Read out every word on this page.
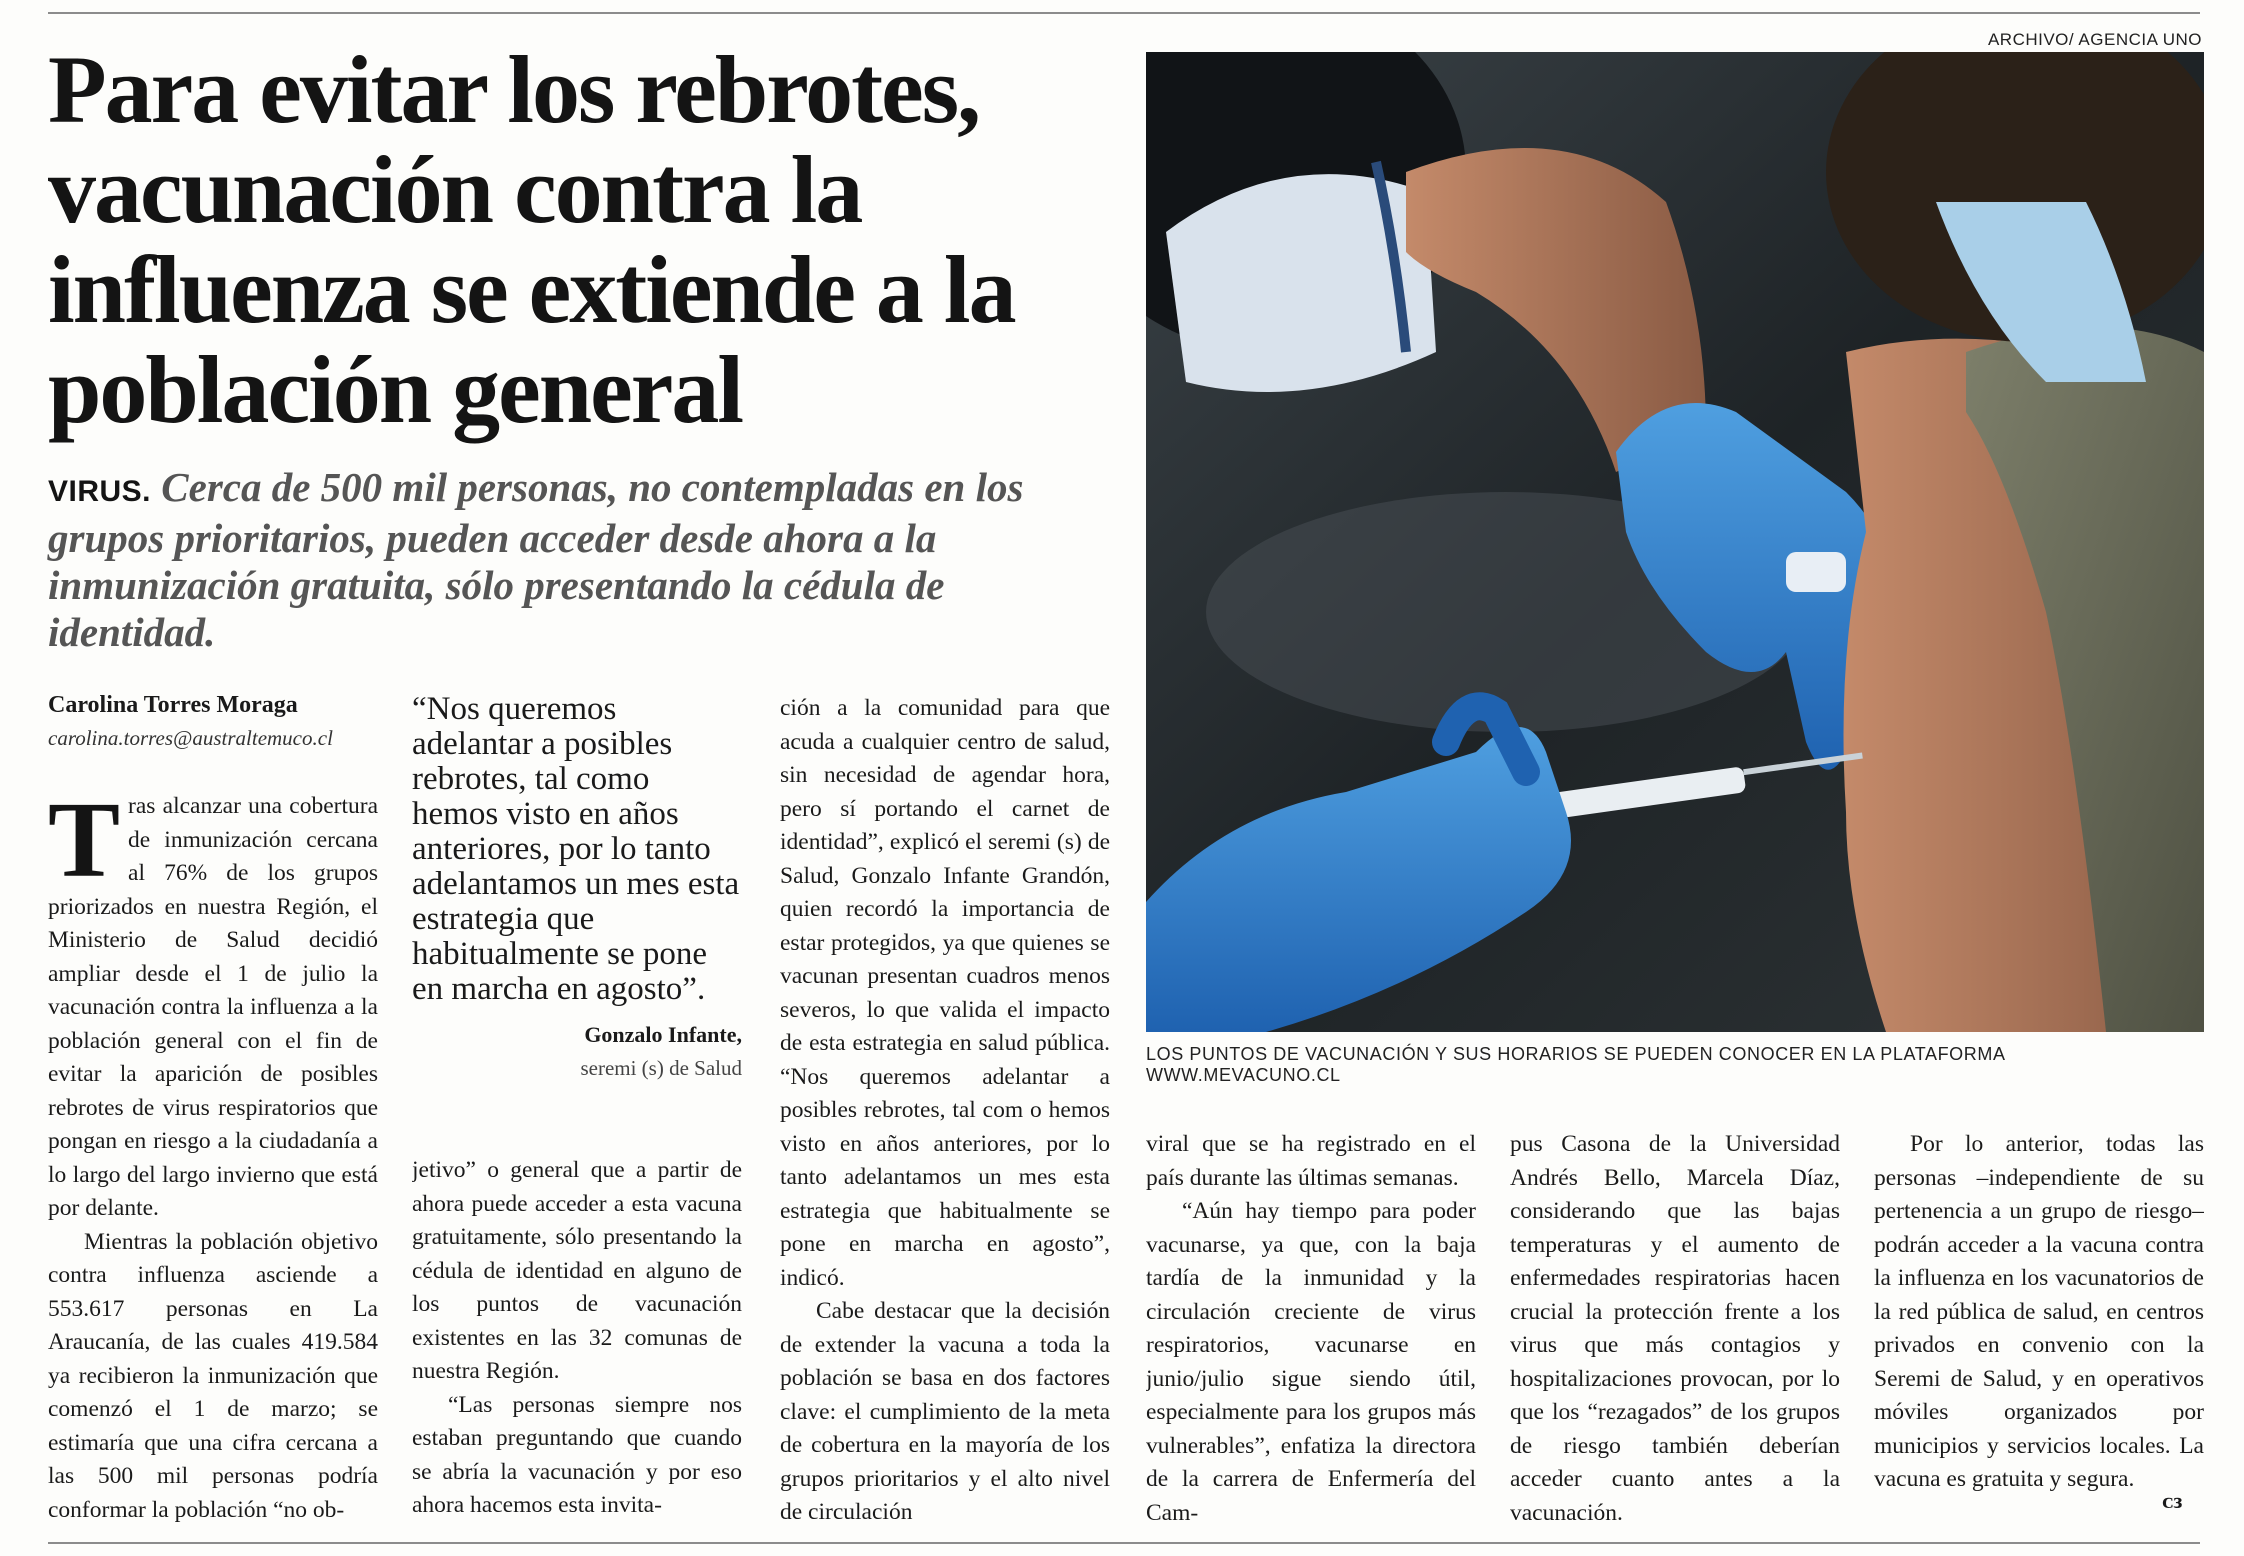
ARCHIVO/ AGENCIA UNO
Para evitar los rebrotes, vacunación contra la influenza se extiende a la población general

VIRUS. Cerca de 500 mil personas, no contempladas en los grupos prioritarios, pueden acceder desde ahora a la inmunización gratuita, sólo presentando la cédula de identidad.

Carolina Torres Moraga
carolina.torres@australtemuco.cl

Tras alcanzar una cobertura de inmunización cercana al 76% de los grupos priorizados en nuestra Región, el Ministerio de Salud decidió ampliar desde el 1 de julio la vacunación contra la influenza a la población general con el fin de evitar la aparición de posibles rebrotes de virus respiratorios que pongan en riesgo a la ciudadanía a lo largo del largo invierno que está por delante.

Mientras la población objetivo contra influenza asciende a 553.617 personas en La Araucanía, de las cuales 419.584 ya recibieron la inmunización que comenzó el 1 de marzo; se estimaría que una cifra cercana a las 500 mil personas podría conformar la población “no ob-

“Nos queremos adelantar a posibles rebrotes, tal como hemos visto en años anteriores, por lo tanto adelantamos un mes esta estrategia que habitualmente se pone en marcha en agosto”.
Gonzalo Infante,
seremi (s) de Salud

jetivo” o general que a partir de ahora puede acceder a esta vacuna gratuitamente, sólo presentando la cédula de identidad en alguno de los puntos de vacunación existentes en las 32 comunas de nuestra Región.

“Las personas siempre nos estaban preguntando que cuando se abría la vacunación y por eso ahora hacemos esta invita-

ción a la comunidad para que acuda a cualquier centro de salud, sin necesidad de agendar hora, pero sí portando el carnet de identidad”, explicó el seremi (s) de Salud, Gonzalo Infante Grandón, quien recordó la importancia de estar protegidos, ya que quienes se vacunan presentan cuadros menos severos, lo que valida el impacto de esta estrategia en salud pública. “Nos queremos adelantar a posibles rebrotes, tal com o hemos visto en años anteriores, por lo tanto adelantamos un mes esta estrategia que habitualmente se pone en marcha en agosto”, indicó.

Cabe destacar que la decisión de extender la vacuna a toda la población se basa en dos factores clave: el cumplimiento de la meta de cobertura en la mayoría de los grupos prioritarios y el alto nivel de circulación

LOS PUNTOS DE VACUNACIÓN Y SUS HORARIOS SE PUEDEN CONOCER EN LA PLATAFORMA WWW.MEVACUNO.CL

viral que se ha registrado en el país durante las últimas semanas.

“Aún hay tiempo para poder vacunarse, ya que, con la baja tardía de la inmunidad y la circulación creciente de virus respiratorios, vacunarse en junio/julio sigue siendo útil, especialmente para los grupos más vulnerables”, enfatiza la directora de la carrera de Enfermería del Cam-

pus Casona de la Universidad Andrés Bello, Marcela Díaz, considerando que las bajas temperaturas y el aumento de enfermedades respiratorias hacen crucial la protección frente a los virus que más contagios y hospitalizaciones provocan, por lo que los “rezagados” de los grupos de riesgo también deberían acceder cuanto antes a la vacunación.

Por lo anterior, todas las personas –independiente de su pertenencia a un grupo de riesgo– podrán acceder a la vacuna contra la influenza en los vacunatorios de la red pública de salud, en centros privados en convenio con la Seremi de Salud, y en operativos móviles organizados por municipios y servicios locales. La vacuna es gratuita y segura.

ᴄз
